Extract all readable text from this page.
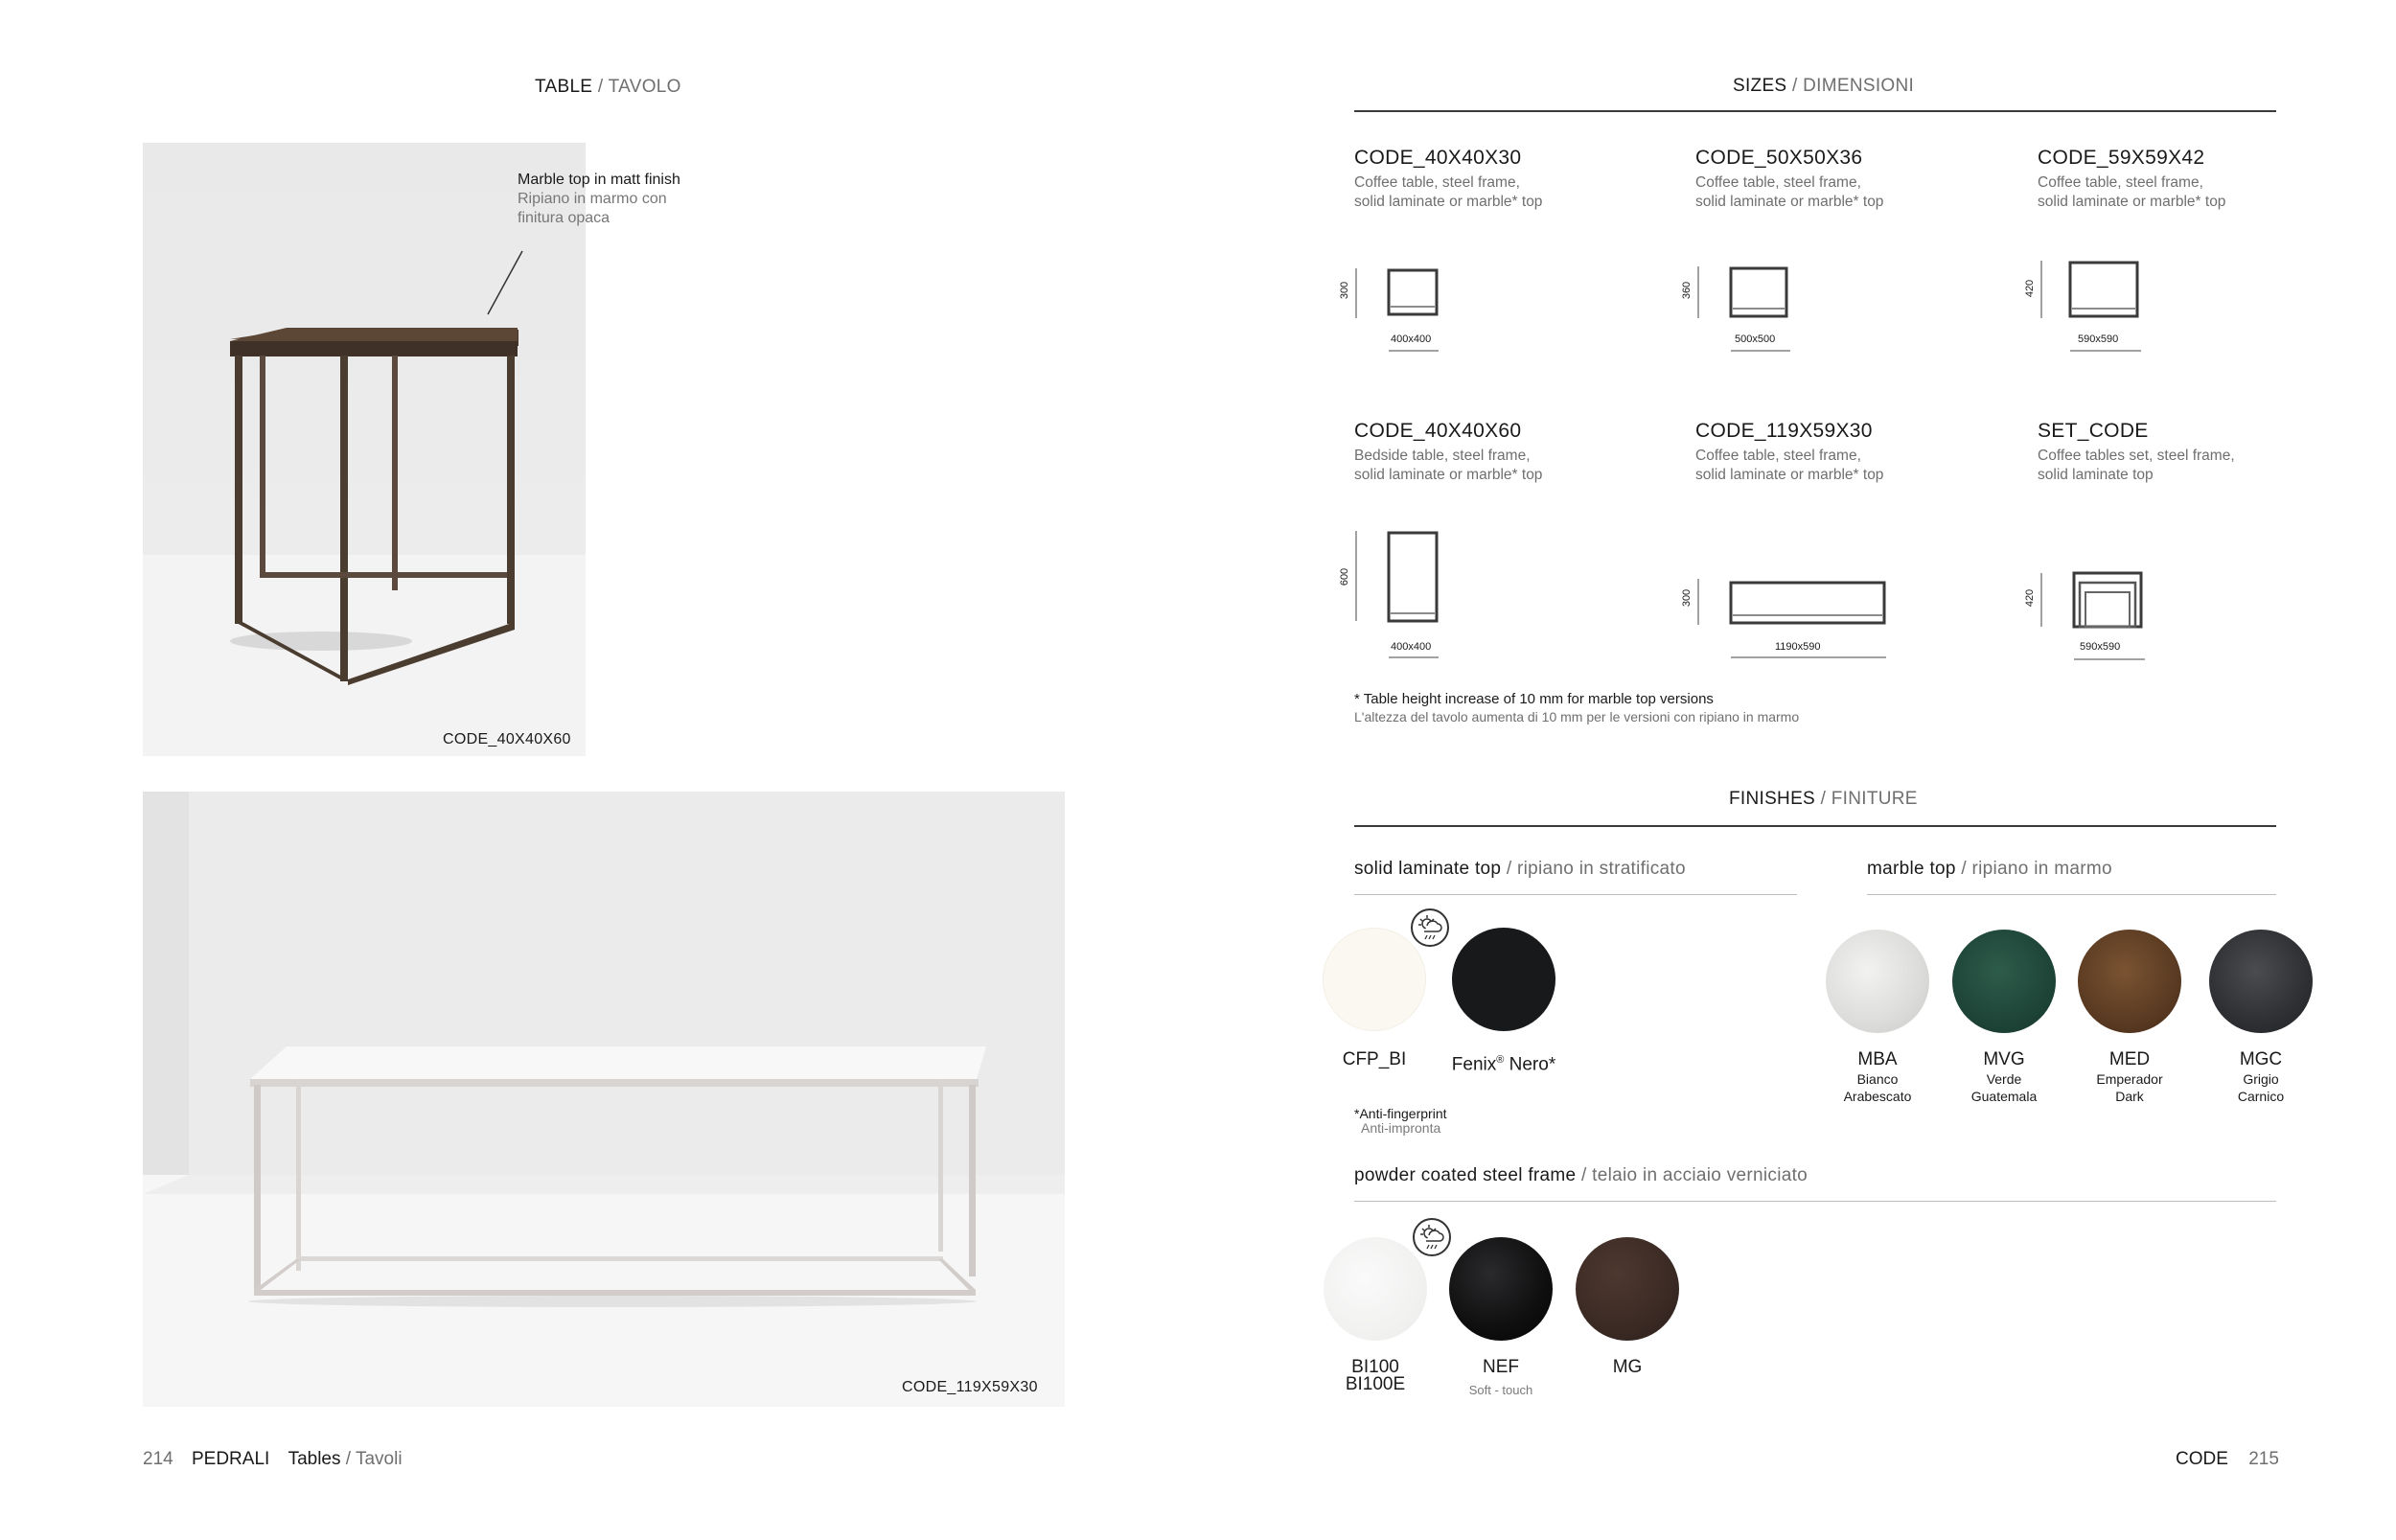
TABLE / TAVOLO
Marble top in matt finish
Ripiano in marmo con finitura opaca
CODE_40X40X60
CODE_119X59X30
214 PEDRALI Tables / Tavoli
SIZES / DIMENSIONI
CODE_40X40X30
Coffee table, steel frame,
solid laminate or marble* top
CODE_50X50X36
Coffee table, steel frame,
solid laminate or marble* top
CODE_59X59X42
Coffee table, steel frame,
solid laminate or marble* top
300
400x400
360
500x500
420
590x590
CODE_40X40X60
Bedside table, steel frame,
solid laminate or marble* top
CODE_119X59X30
Coffee table, steel frame,
solid laminate or marble* top
SET_CODE
Coffee tables set, steel frame,
solid laminate top
600
400x400
300
1190x590
420
590x590
* Table height increase of 10 mm for marble top versions
L'altezza del tavolo aumenta di 10 mm per le versioni con ripiano in marmo
FINISHES / FINITURE
solid laminate top / ripiano in stratificato	marble top / ripiano in marmo
CFP_BI	Fenix® Nero*
*Anti-fingerprint
Anti-impronta
MBA
Bianco
Arabescato
MVG
Verde
Guatemala
MED
Emperador
Dark
MGC
Grigio
Carnico
powder coated steel frame / telaio in acciaio verniciato
BI100
BI100E
NEF
Soft - touch
MG
CODE 215
